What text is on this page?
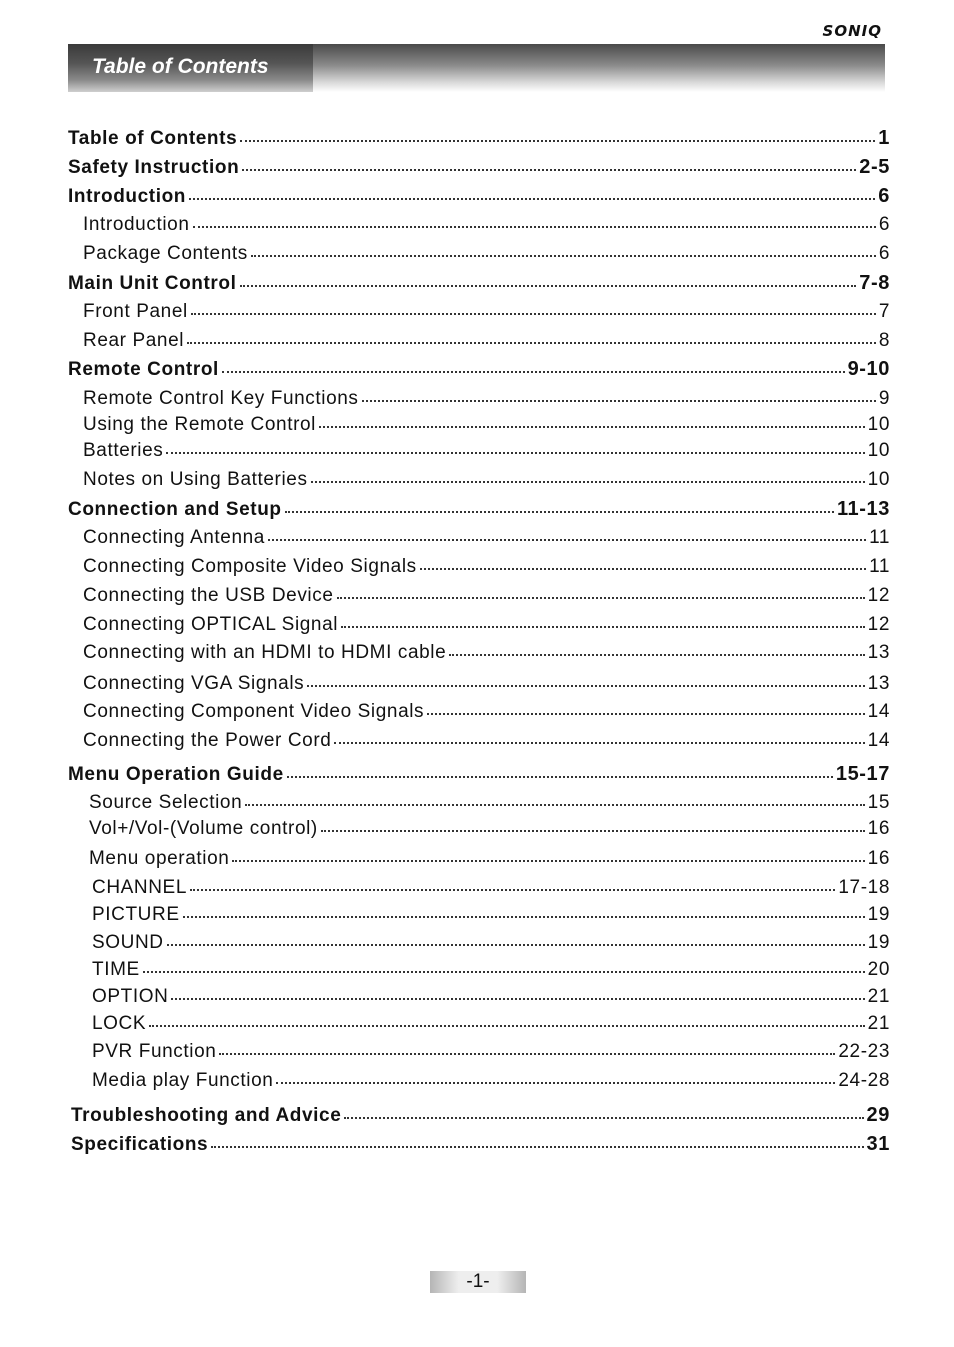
SONIQ
Table of Contents
Table of Contents	1
Safety Instruction	2-5
Introduction	6
Introduction	6
Package Contents	6
Main Unit Control	7-8
Front Panel	7
Rear Panel	8
Remote Control	9-10
Remote Control Key Functions	9
Using the Remote Control	10
Batteries	10
Notes on Using Batteries	10
Connection and Setup	11-13
Connecting Antenna	11
Connecting Composite Video Signals	11
Connecting the USB Device	12
Connecting OPTICAL Signal	12
Connecting with an HDMI to HDMI cable	13
Connecting VGA Signals	13
Connecting Component Video Signals	14
Connecting the Power Cord	14
Menu Operation Guide	15-17
Source Selection	15
Vol+/Vol-(Volume control)	16
Menu operation	16
CHANNEL	17-18
PICTURE	19
SOUND	19
TIME	20
OPTION	21
LOCK	21
PVR Function	22-23
Media play Function	24-28
Troubleshooting and Advice	29
Specifications	31
-1-
